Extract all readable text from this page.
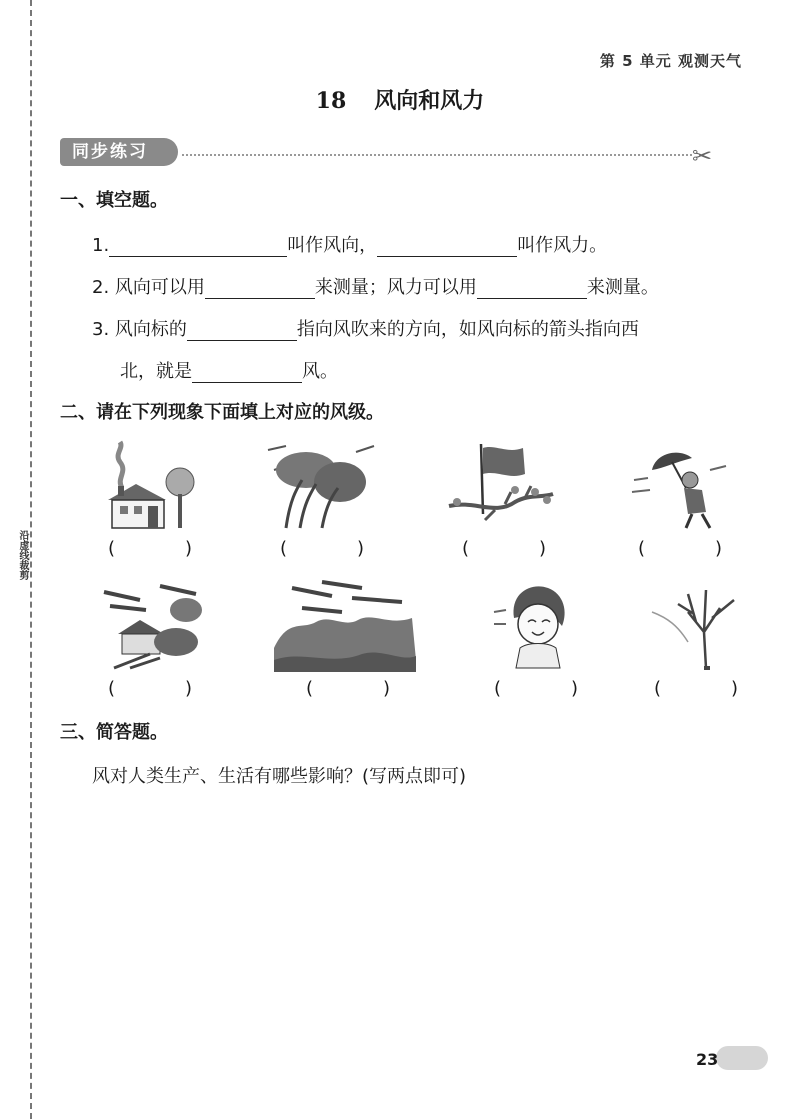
沿虚线裁剪
第 5 单元 观测天气
18 风向和风力
同步练习	✂
一、填空题。
1.	叫作风向，	叫作风力。
2. 风向可以用	来测量；风力可以用	来测量。
3. 风向标的	指向风吹来的方向，如风向标的箭头指向西
北，就是	风。
二、请在下列现象下面填上对应的风级。
(	)	(	)	(	)	(	)
(	)	(	)	(	)	(	)
三、简答题。
风对人类生产、生活有哪些影响？(写两点即可)
23
